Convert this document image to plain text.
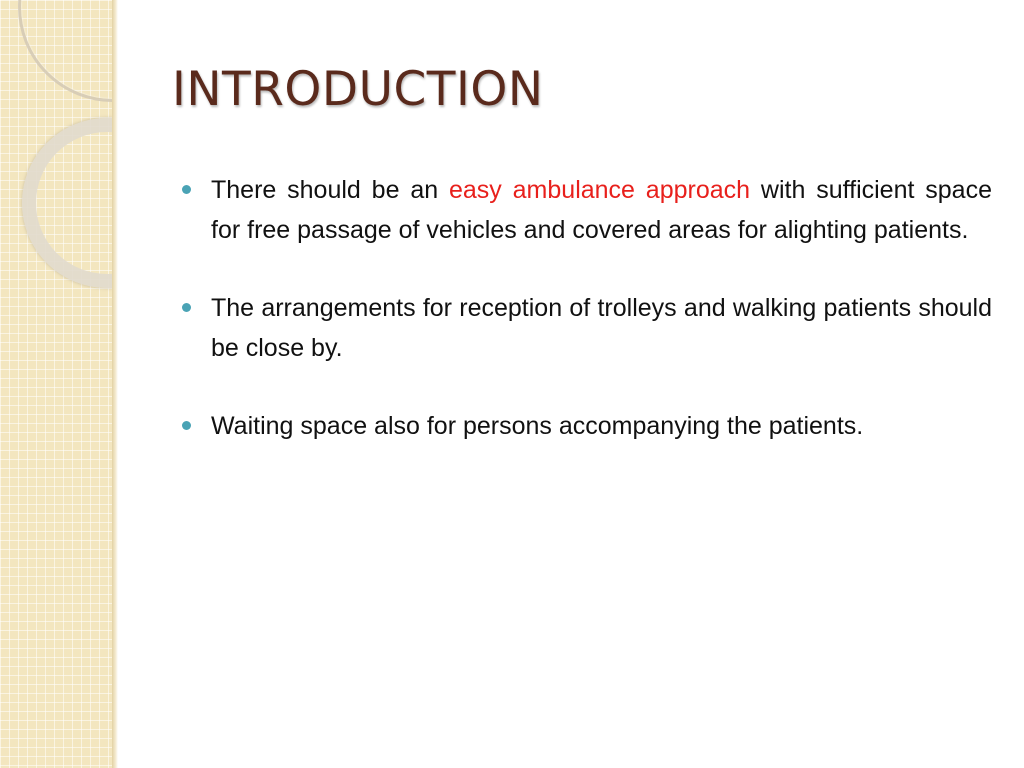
INTRODUCTION

There should be an easy ambulance approach with sufficient space for free passage of vehicles and covered areas for alighting patients.

The arrangements for reception of trolleys and walking patients should be close by.

Waiting space also for persons accompanying the patients.
